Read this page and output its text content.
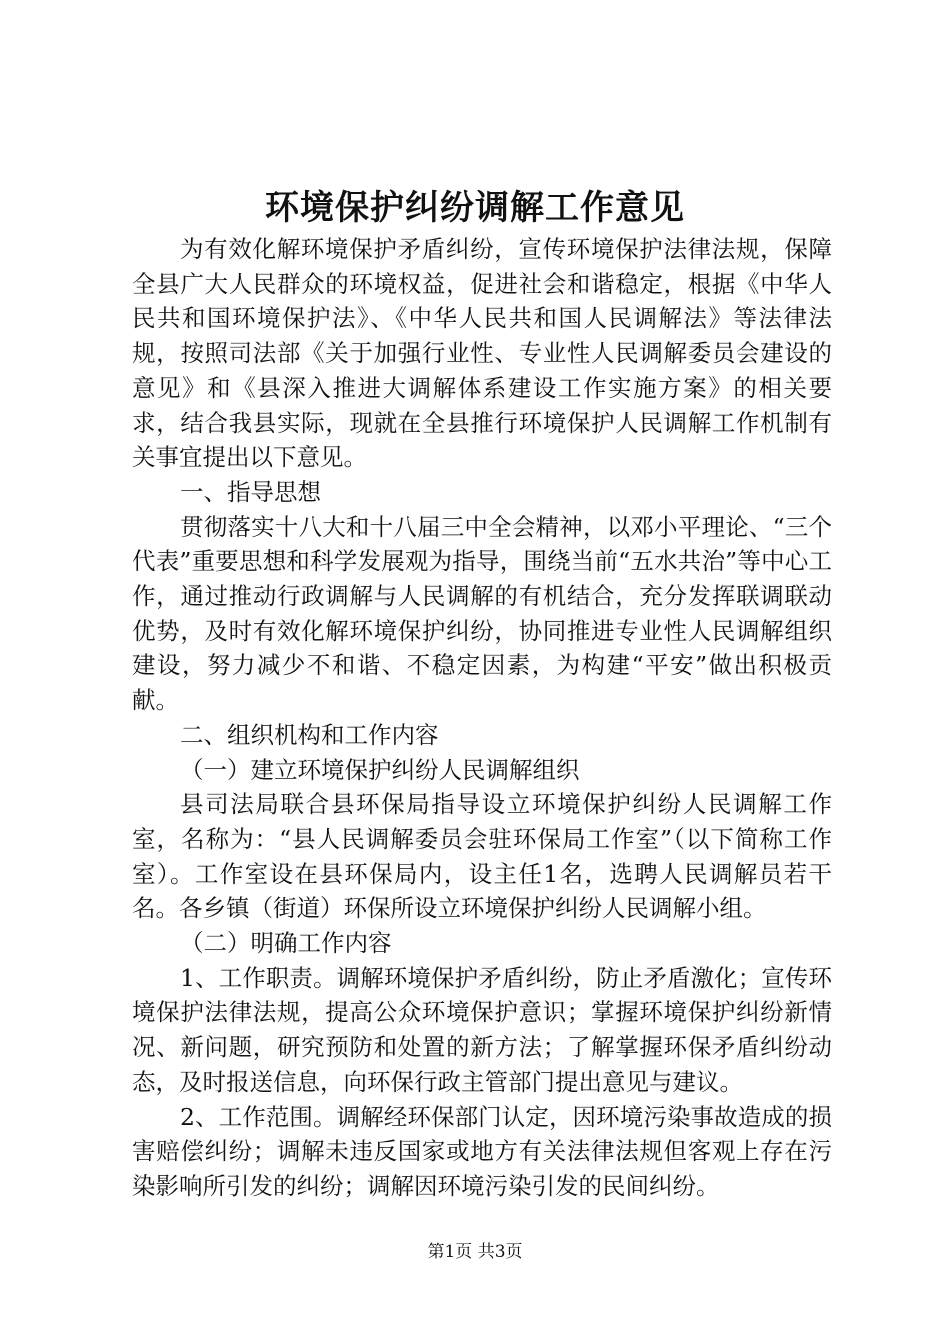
环境保护纠纷调解工作意见

为有效化解环境保护矛盾纠纷，宣传环境保护法律法规，保障全县广大人民群众的环境权益，促进社会和谐稳定，根据《中华人民共和国环境保护法》、《中华人民共和国人民调解法》等法律法规，按照司法部《关于加强行业性、专业性人民调解委员会建设的意见》和《县深入推进大调解体系建设工作实施方案》的相关要求，结合我县实际，现就在全县推行环境保护人民调解工作机制有关事宜提出以下意见。

一、指导思想

贯彻落实十八大和十八届三中全会精神，以邓小平理论、“三个代表”重要思想和科学发展观为指导，围绕当前“五水共治”等中心工作，通过推动行政调解与人民调解的有机结合，充分发挥联调联动优势，及时有效化解环境保护纠纷，协同推进专业性人民调解组织建设，努力减少不和谐、不稳定因素，为构建“平安”做出积极贡献。

二、组织机构和工作内容

（一）建立环境保护纠纷人民调解组织

县司法局联合县环保局指导设立环境保护纠纷人民调解工作室，名称为：“县人民调解委员会驻环保局工作室”（以下简称工作室）。工作室设在县环保局内，设主任1名，选聘人民调解员若干名。各乡镇（街道）环保所设立环境保护纠纷人民调解小组。

（二）明确工作内容

1、工作职责。调解环境保护矛盾纠纷，防止矛盾激化；宣传环境保护法律法规，提高公众环境保护意识；掌握环境保护纠纷新情况、新问题，研究预防和处置的新方法；了解掌握环保矛盾纠纷动态，及时报送信息，向环保行政主管部门提出意见与建议。

2、工作范围。调解经环保部门认定，因环境污染事故造成的损害赔偿纠纷；调解未违反国家或地方有关法律法规但客观上存在污染影响所引发的纠纷；调解因环境污染引发的民间纠纷。

第1页 共3页
